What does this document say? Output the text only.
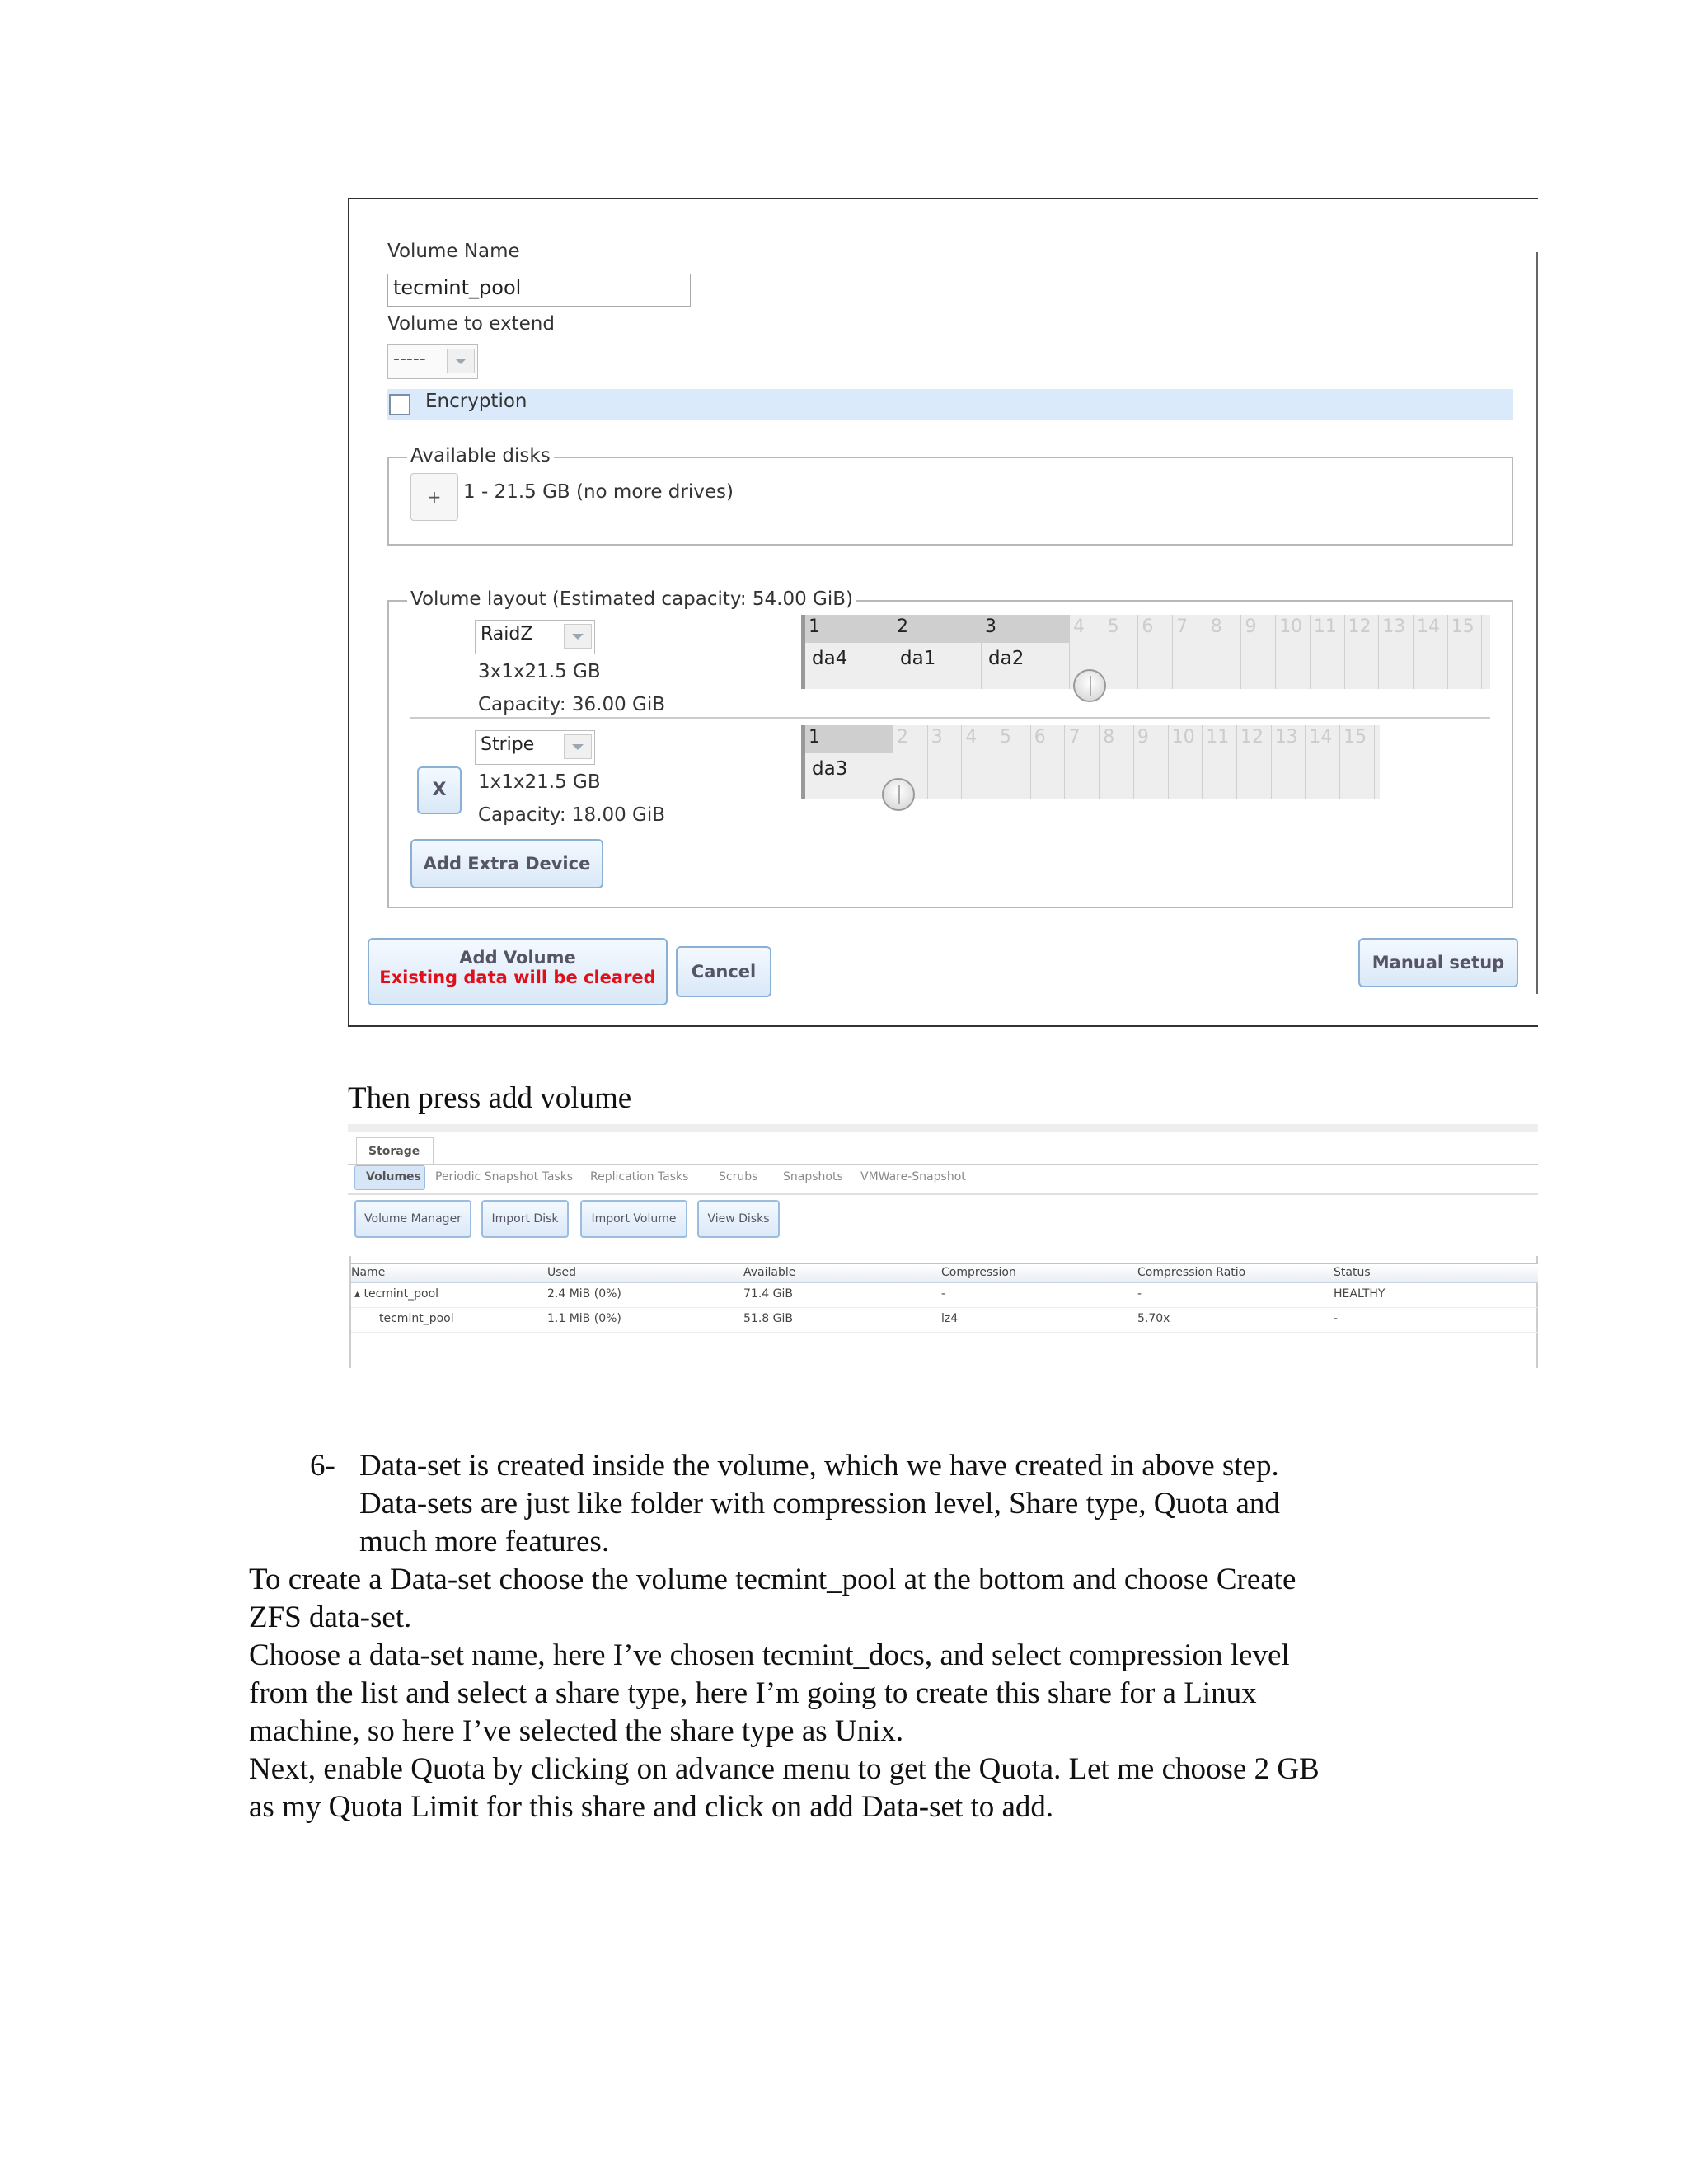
Volume Name
tecmint_pool
Volume to extend
-----
Encryption
Available disks
+	1 - 21.5 GB (no more drives)
Volume layout (Estimated capacity: 54.00 GiB)
RaidZ
3x1x21.5 GB
Capacity: 36.00 GiB
1
da4
2
da1
3
da2
4 5 6 7 8 9 10 11 12 13 14 15
X
Stripe
1x1x21.5 GB
Capacity: 18.00 GiB
1
da3
2 3 4 5 6 7 8 9 10 11 12 13 14 15
Add Extra Device
Add Volume
Existing data will be cleared	Cancel	Manual setup
Then press add volume
Storage
Volumes Periodic Snapshot Tasks Replication Tasks	Scrubs Snapshots VMWare-Snapshot
Volume Manager	Import Disk	Import Volume	View Disks
Name	Used	Available	Compression	Compression Ratio	Status
▴ tecmint_pool	2.4 MiB (0%)	71.4 GiB	-	-	HEALTHY
tecmint_pool	1.1 MiB (0%)	51.8 GiB	lz4	5.70x	-
6- Data-set is created inside the volume, which we have created in above step.
Data-sets are just like folder with compression level, Share type, Quota and
much more features.
To create a Data-set choose the volume tecmint_pool at the bottom and choose Create
ZFS data-set.
Choose a data-set name, here I’ve chosen tecmint_docs, and select compression level
from the list and select a share type, here I’m going to create this share for a Linux
machine, so here I’ve selected the share type as Unix.
Next, enable Quota by clicking on advance menu to get the Quota. Let me choose 2 GB
as my Quota Limit for this share and click on add Data-set to add.
